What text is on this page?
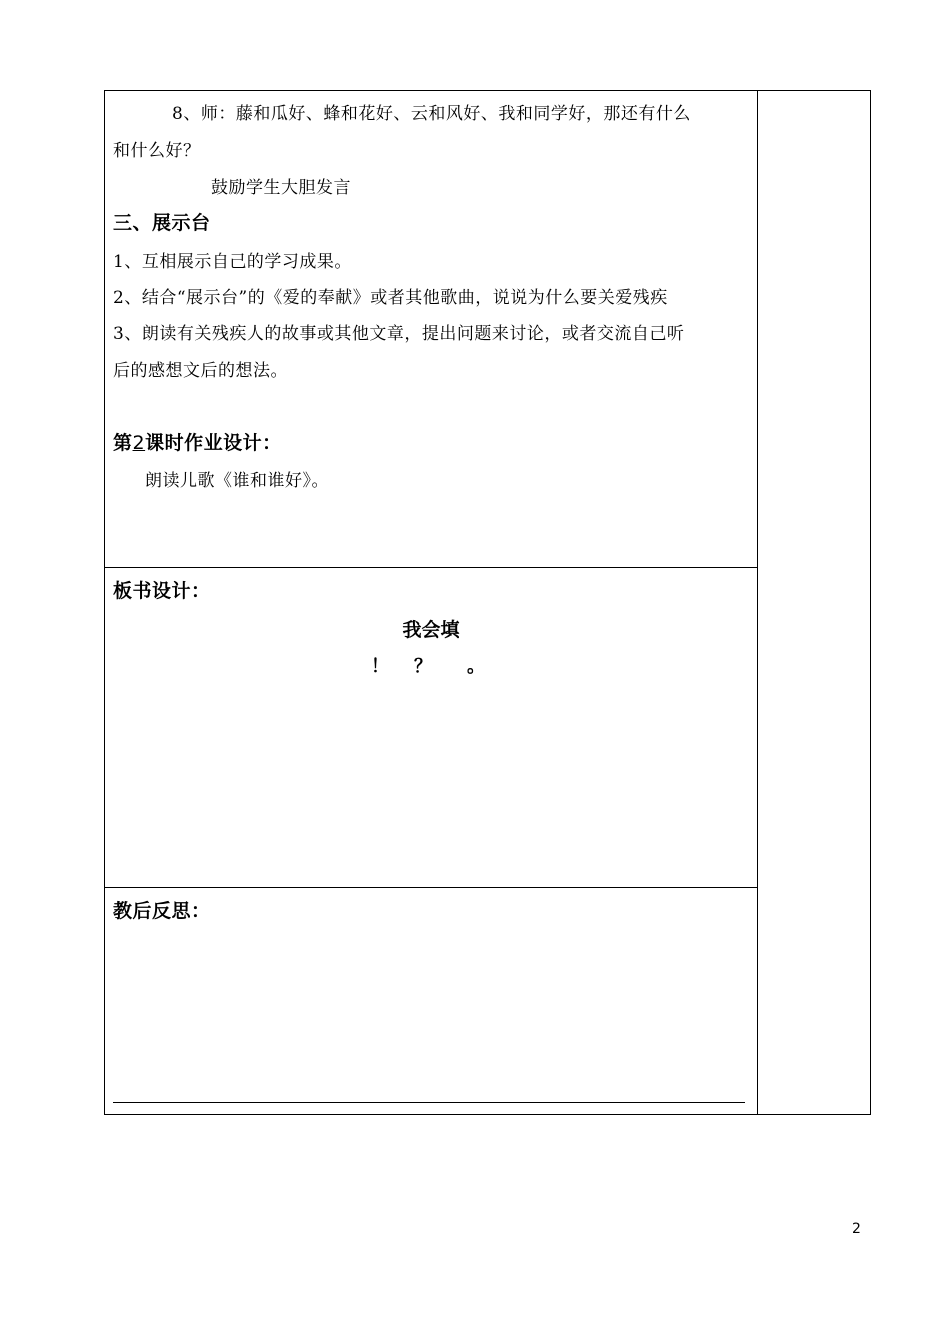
8、师：藤和瓜好、蜂和花好、云和风好、我和同学好，那还有什么
和什么好？
鼓励学生大胆发言
三、展示台
1、互相展示自己的学习成果。
2、结合“展示台”的《爱的奉献》或者其他歌曲，说说为什么要关爱残疾
3、朗读有关残疾人的故事或其他文章，提出问题来讨论，或者交流自己听
后的感想文后的想法。
第2课时作业设计：
朗读儿歌《谁和谁好》。
板书设计：
我会填
！ ？ 。
教后反思：
2
